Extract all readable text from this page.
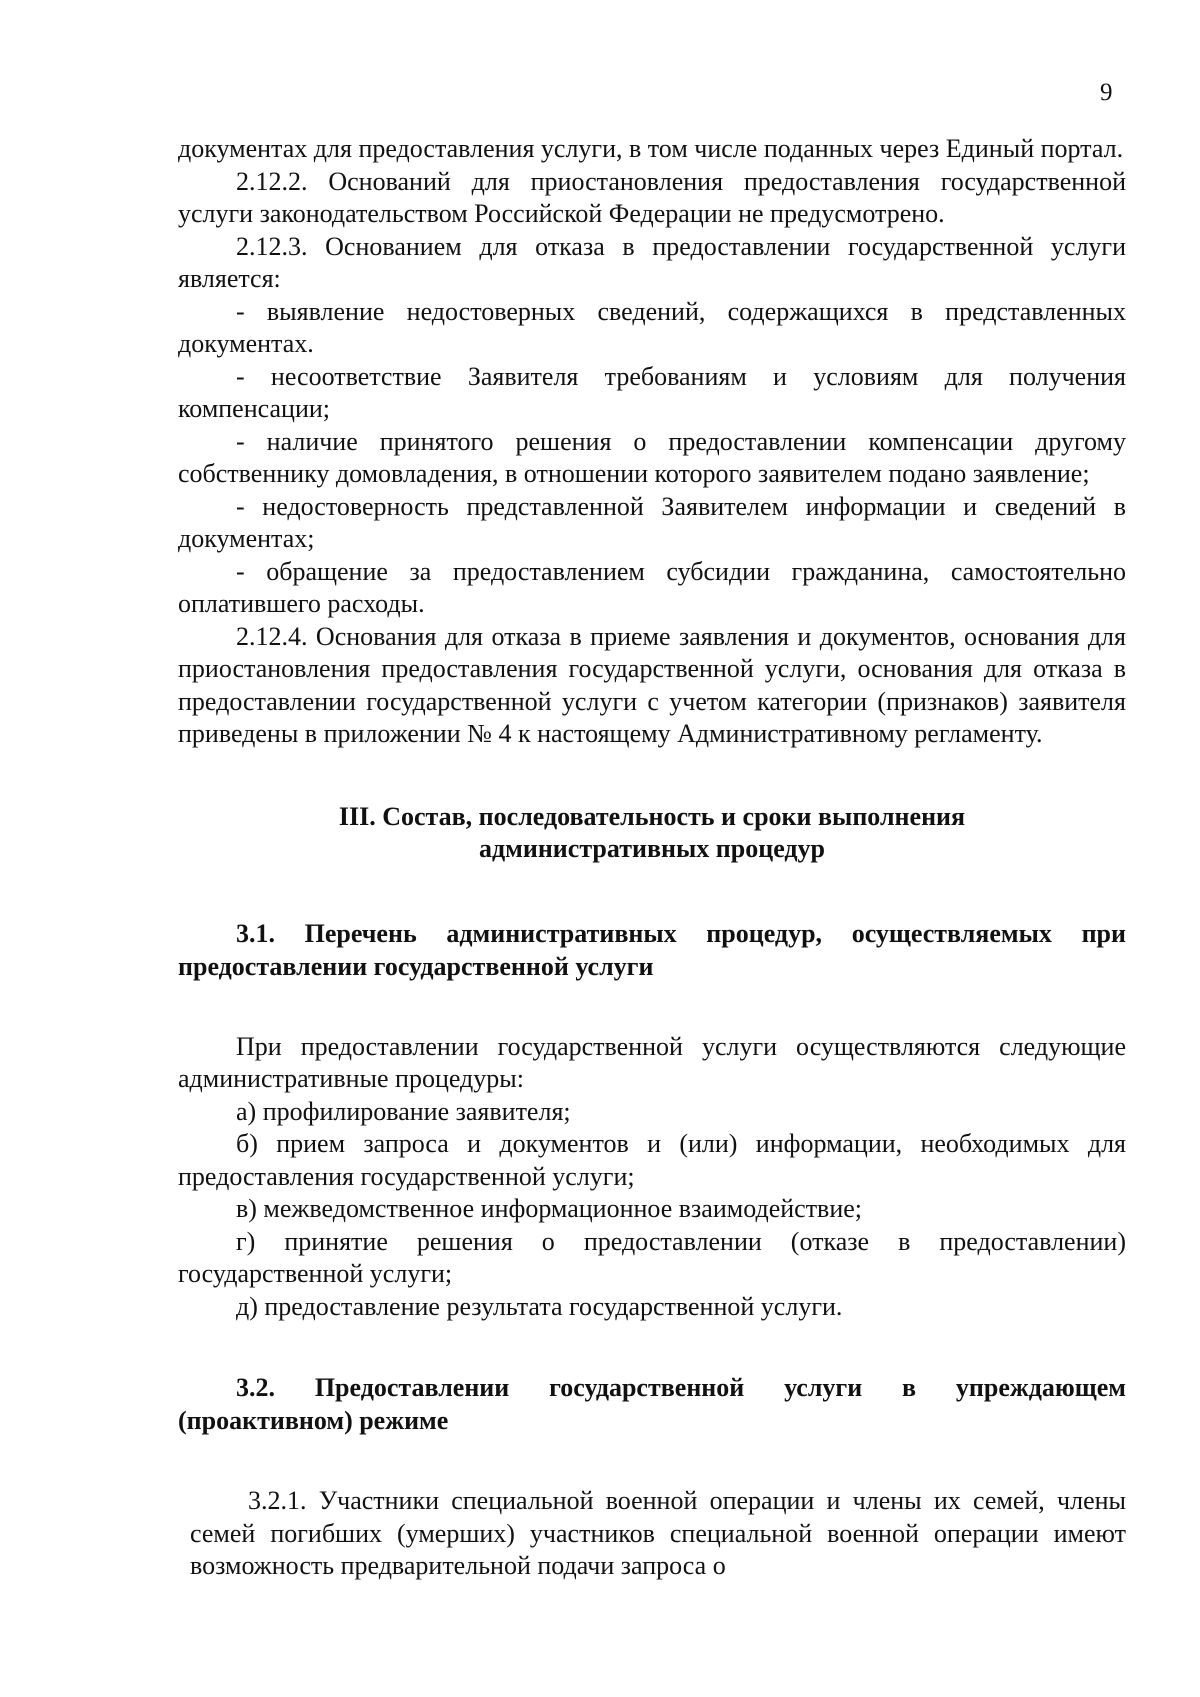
9

документах для предоставления услуги, в том числе поданных через Единый портал.

2.12.2. Оснований для приостановления предоставления государственной услуги законодательством Российской Федерации не предусмотрено.

2.12.3. Основанием для отказа в предоставлении государственной услуги является:

- выявление недостоверных сведений, содержащихся в представленных документах.

- несоответствие Заявителя требованиям и условиям для получения компенсации;

- наличие принятого решения о предоставлении компенсации другому собственнику домовладения, в отношении которого заявителем подано заявление;

- недостоверность представленной Заявителем информации и сведений в документах;

- обращение за предоставлением субсидии гражданина, самостоятельно оплатившего расходы.

2.12.4. Основания для отказа в приеме заявления и документов, основания для приостановления предоставления государственной услуги, основания для отказа в предоставлении государственной услуги с учетом категории (признаков) заявителя приведены в приложении № 4 к настоящему Административному регламенту.

III. Состав, последовательность и сроки выполнения

административных процедур

3.1. Перечень административных процедур, осуществляемых при предоставлении государственной услуги

При предоставлении государственной услуги осуществляются следующие административные процедуры:

а) профилирование заявителя;

б) прием запроса и документов и (или) информации, необходимых для предоставления государственной услуги;

в) межведомственное информационное взаимодействие;

г) принятие решения о предоставлении (отказе в предоставлении) государственной услуги;

д) предоставление результата государственной услуги.

3.2. Предоставлении государственной услуги в упреждающем (проактивном) режиме

3.2.1. Участники специальной военной операции и члены их семей, члены семей погибших (умерших) участников специальной военной операции имеют возможность предварительной подачи запроса о
